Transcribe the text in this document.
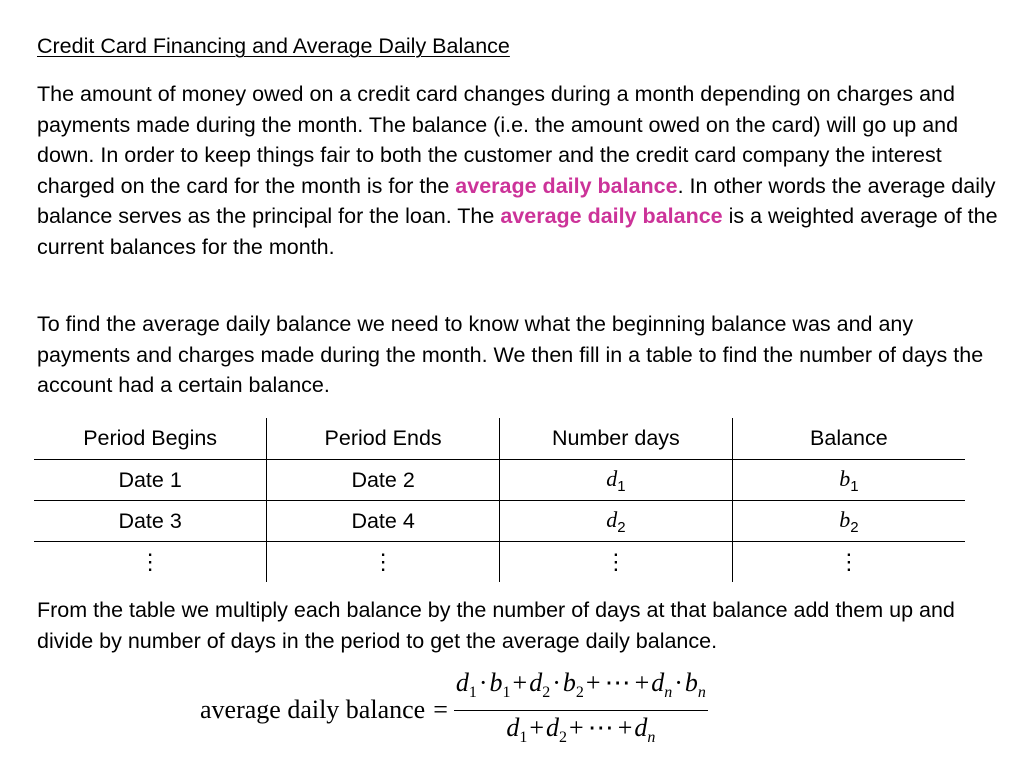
Credit Card Financing and Average Daily Balance
The amount of money owed on a credit card changes during a month depending on charges and payments made during the month. The balance (i.e. the amount owed on the card) will go up and down. In order to keep things fair to both the customer and the credit card company the interest charged on the card for the month is for the average daily balance. In other words the average daily balance serves as the principal for the loan. The average daily balance is a weighted average of the current balances for the month.
To find the average daily balance we need to know what the beginning balance was and any payments and charges made during the month. We then fill in a table to find the number of days the account had a certain balance.
Period Begins	Period Ends	Number days	Balance
Date 1	Date 2	$d_1$	$b_1$
Date 3	Date 4	$d_2$	$b_2$
⋮	⋮	⋮	⋮
From the table we multiply each balance by the number of days at that balance add them up and divide by number of days in the period to get the average daily balance.
average daily balance = $\frac{d_1\cdot b_1+d_2\cdot b_2+ \cdots +d_n\cdot b_n}{d_1+d_2+ \cdots +d_n}$
